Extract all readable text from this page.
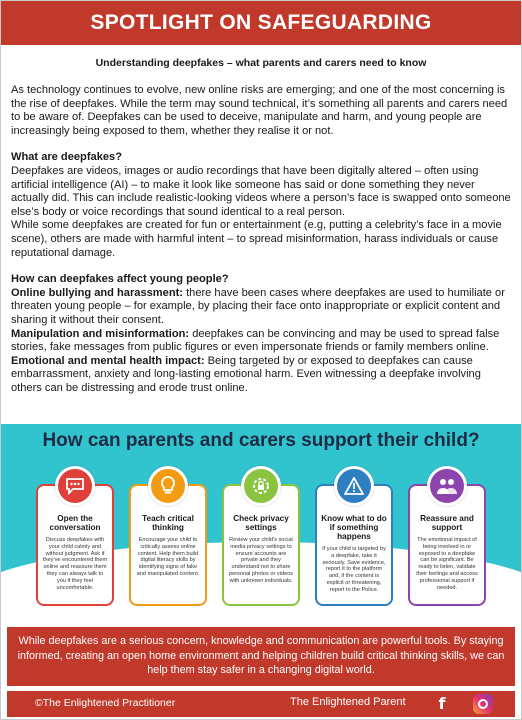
SPOTLIGHT ON SAFEGUARDING
Understanding deepfakes – what parents and carers need to know

As technology continues to evolve, new online risks are emerging; and one of the most concerning is the rise of deepfakes. While the term may sound technical, it’s something all parents and carers need to be aware of. Deepfakes can be used to deceive, manipulate and harm, and young people are increasingly being exposed to them, whether they realise it or not.

What are deepfakes?

Deepfakes are videos, images or audio recordings that have been digitally altered – often using artificial intelligence (AI) – to make it look like someone has said or done something they never actually did. This can include realistic-looking videos where a person’s face is swapped onto someone else’s body or voice recordings that sound identical to a real person.

While some deepfakes are created for fun or entertainment (e.g, putting a celebrity’s face in a movie scene), others are made with harmful intent – to spread misinformation, harass individuals or cause reputational damage.

How can deepfakes affect young people?

Online bullying and harassment: there have been cases where deepfakes are used to humiliate or threaten young people – for example, by placing their face onto inappropriate or explicit content and sharing it without their consent.

Manipulation and misinformation: deepfakes can be convincing and may be used to spread false stories, fake messages from public figures or even impersonate friends or family members online.

Emotional and mental health impact: Being targeted by or exposed to deepfakes can cause embarrassment, anxiety and long-lasting emotional harm. Even witnessing a deepfake involving others can be distressing and erode trust online.

How can parents and carers support their child?
Open the conversation

Discuss deepfakes with your child calmly and without judgment. Ask if they’ve encountered them online and reassure them they can always talk to you if they feel uncomfortable.

Teach critical thinking

Encourage your child to critically assess online content. Help them build digital literacy skills by identifying signs of fake and manipulated content.

Check privacy settings

Review your child’s social media privacy settings to ensure accounts are private and they understand not to share personal photos or videos with unknown individuals.

Know what to do if something happens

If your child is targeted by a deepfake, take it seriously. Save evidence, report it to the platform and, if the content is explicit or threatening, report to the Police.

Reassure and support

The emotional impact of being involved in or exposed to a deepfake can be significant. Be ready to listen, validate their feelings and access professional support if needed.

While deepfakes are a serious concern, knowledge and communication are powerful tools. By staying informed, creating an open home environment and helping children build critical thinking skills, we can help them stay safer in a changing digital world.

©The Enlightened Practitioner	The Enlightened Parent	f
